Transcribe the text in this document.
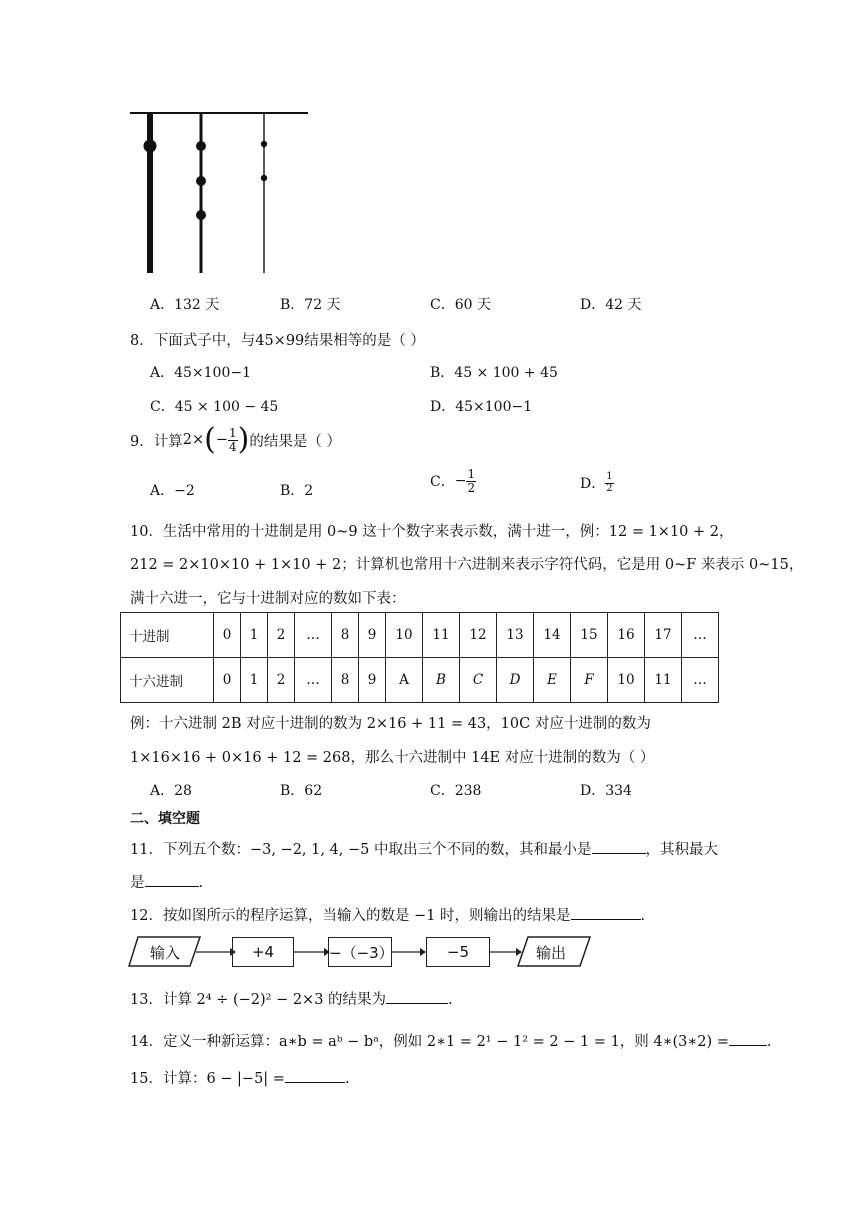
A．132 天	B．72 天	C．60 天	D．42 天
8．下面式子中，与45×99结果相等的是（ ）
A．45×100−1	B．45 × 100 + 45
C．45 × 100 − 45	D．45×100−1
9．计算 2× ( − $\frac{1}{4}$ ) 的结果是（ ）
A．−2	B．2
C． − $\frac{1}{2}$	D． $\frac{1}{2}$
10．生活中常用的十进制是用 0~9 这十个数字来表示数，满十进一，例：12 = 1×10 + 2，
212 = 2×10×10 + 1×10 + 2；计算机也常用十六进制来表示字符代码，它是用 0~F 来表示 0~15，
满十六进一，它与十进制对应的数如下表：
十进制	0	1	2	…	8	9	10	11	12	13	14	15	16	17	…
十六进制	0	1	2	…	8	9	A	B	C	D	E	F	10	11	…
例：十六进制 2B 对应十进制的数为 2×16 + 11 = 43，10C 对应十进制的数为
1×16×16 + 0×16 + 12 = 268，那么十六进制中 14E 对应十进制的数为（ ）
A．28	B．62	C．238	D．334
二、填空题
11．下列五个数：−3, −2, 1, 4, −5 中取出三个不同的数，其和最小是	，其积最大
是	.
12．按如图所示的程序运算，当输入的数是 −1 时，则输出的结果是	.
输入	+4	−（−3）	−5	输出
13．计算 2⁴ ÷ (−2)² − 2×3 的结果为	.
14．定义一种新运算：a∗b = aᵇ − bᵃ，例如 2∗1 = 2¹ − 1² = 2 − 1 = 1，则 4∗(3∗2) =	.
15．计算：6 − |−5| =	.
